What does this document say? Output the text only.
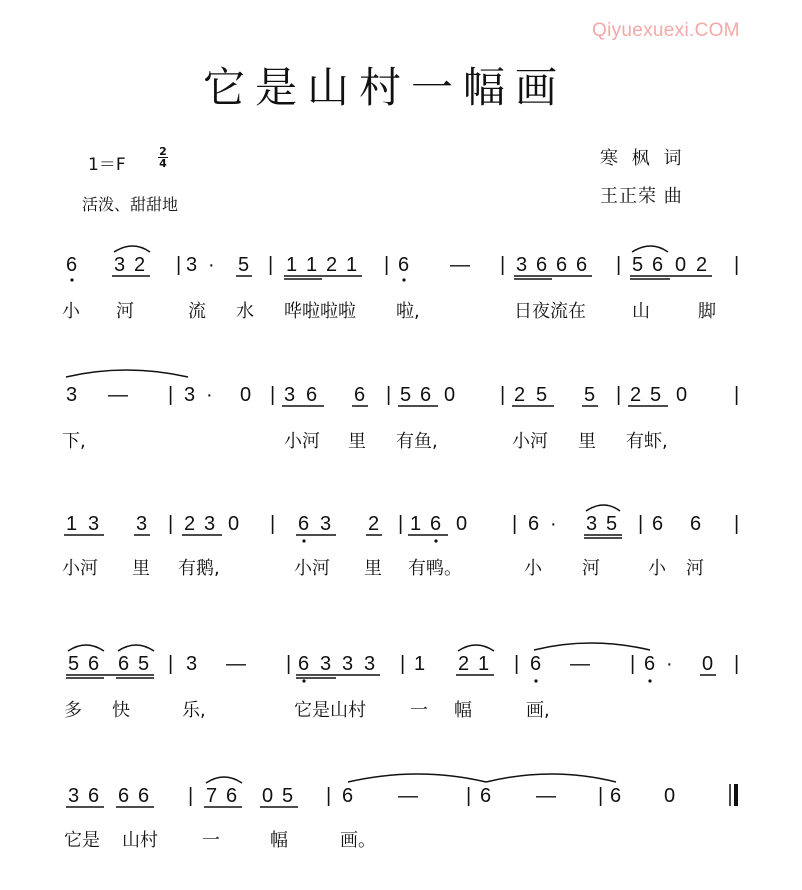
Qiyuexuexi.COM
它是山村一幅画
1＝F
2
4
活泼、甜甜地
寒 枫 词
王正荣 曲
6 3 2 | 3 · 5 | 1 1 2 1 | 6 — | 3 6 6 6 | 5 6 0 2 |
小 河	流 水 哗啦啦啦 啦,	日夜流在	山	脚
3 — | 3 · 0 | 3 6 6 | 5 6 0 | 2 5 5 | 2 5 0 |
下,	小河 里 有鱼,	小河 里 有虾,
1 3 3 | 2 3 0 | 6 3 2 | 1 6 0 | 6 · 3 5 | 6 6 |
小河 里 有鹅,	小河 里 有鸭。	小 河	小 河
5 6 6 5 | 3 — | 6 3 3 3 | 1 2 1 | 6 — | 6 · 0 |
多 快	乐,	它是山村 一 幅	画,
3 6 6 6 | 7 6 0 5 | 6 — | 6 — | 6 0
它是 山村 一	幅	画。
